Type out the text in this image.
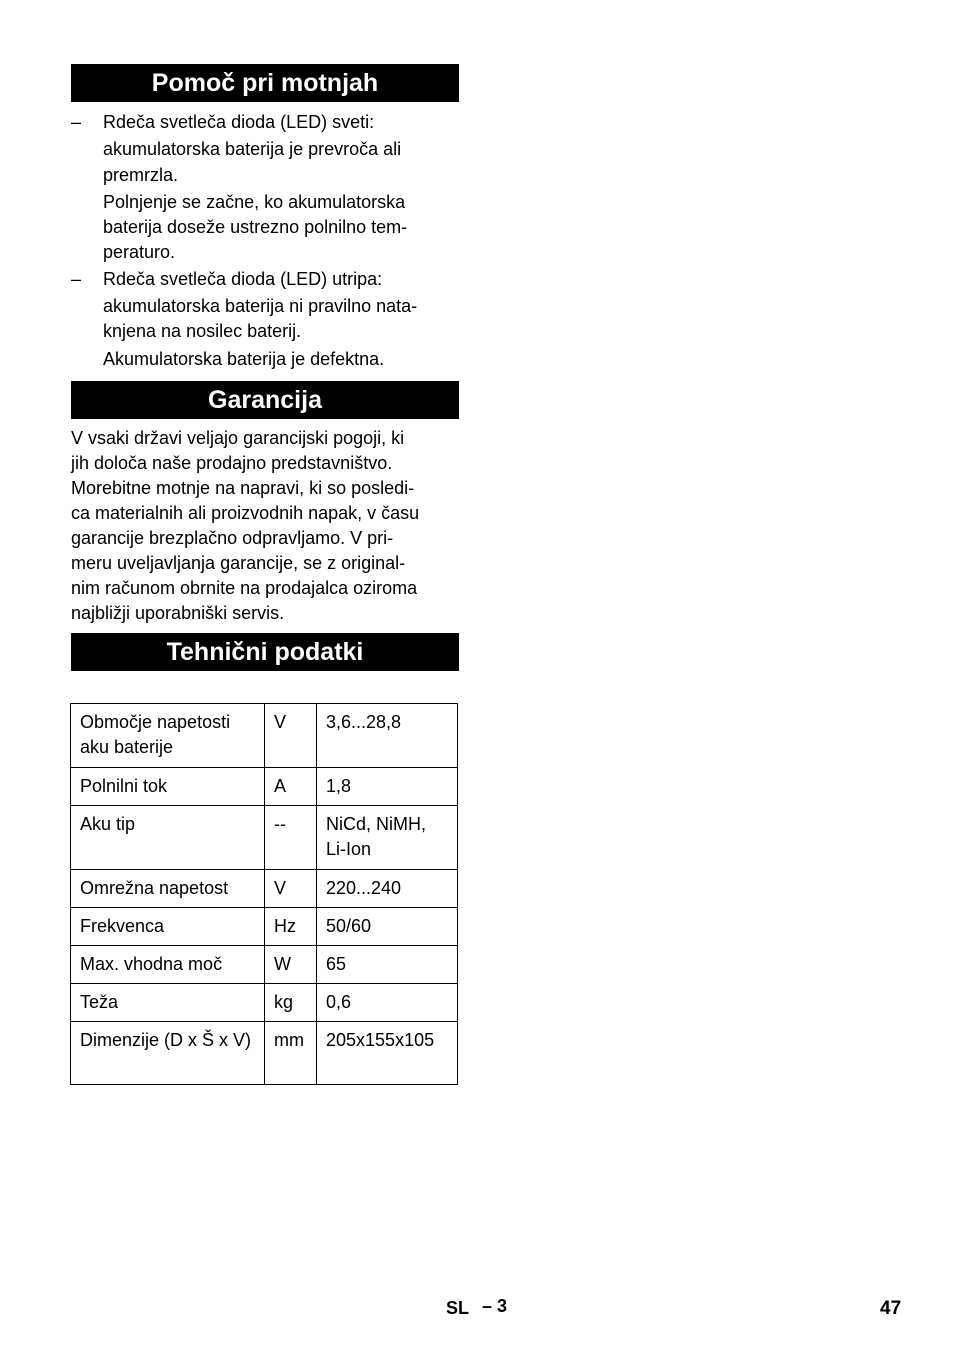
Pomoč pri motnjah
– Rdeča svetleča dioda (LED) sveti:
akumulatorska baterija je prevroča ali
premrzla.
Polnjenje se začne, ko akumulatorska
baterija doseže ustrezno polnilno tem-
peraturo.
– Rdeča svetleča dioda (LED) utripa:
akumulatorska baterija ni pravilno nata-
knjena na nosilec baterij.
Akumulatorska baterija je defektna.
Garancija
V vsaki državi veljajo garancijski pogoji, ki
jih določa naše prodajno predstavništvo.
Morebitne motnje na napravi, ki so posledi-
ca materialnih ali proizvodnih napak, v času
garancije brezplačno odpravljamo. V pri-
meru uveljavljanja garancije, se z original-
nim računom obrnite na prodajalca oziroma
najbližji uporabniški servis.
Tehnični podatki
Območje napetosti aku baterije	V	3,6...28,8
Polnilni tok	A	1,8
Aku tip	--	NiCd, NiMH, Li-Ion
Omrežna napetost	V	220...240
Frekvenca	Hz	50/60
Max. vhodna moč	W	65
Teža	kg	0,6
Dimenzije (D x Š x V)	mm	205x155x105
SL – 3	47
